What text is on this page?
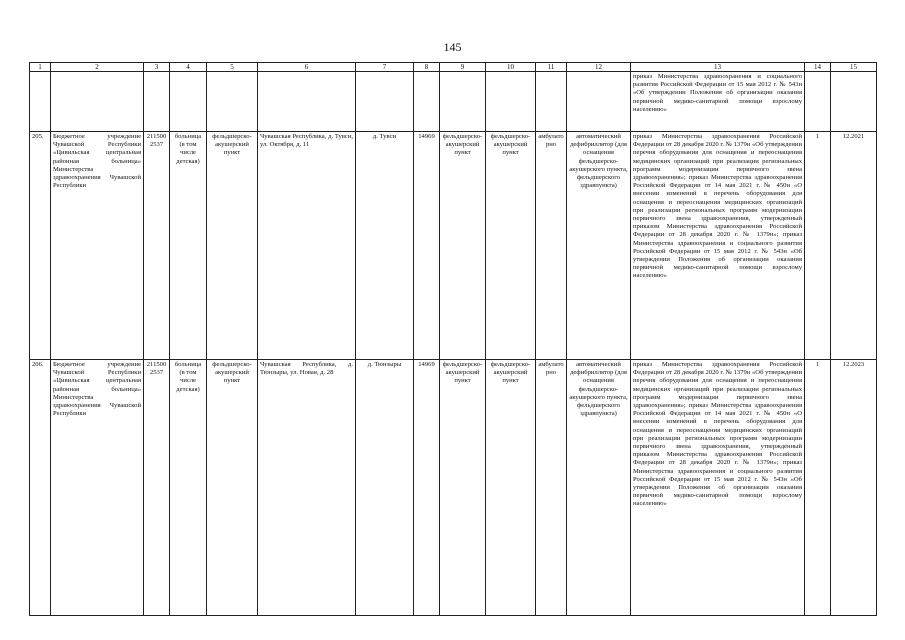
145
1	2	3	4	5	6	7	8	9	10	11	12	13	14	15
												приказ Министерства здравоохранения и социального развития Российской Федерации от 15 мая 2012 г. № 543н «Об утверждении Положения об организации оказания первичной медико-санитарной помощи взрослому населению»		
205.	Бюджетное учреждение Чувашской Республики «Цивильская центральная районная больница» Министерства здравоохранения Чувашской Республики	2115002537	больница (в том числе детская)	фельдшерско-акушерский пункт	Чувашская Республика, д. Тувси, ул. Октября, д. 11	д. Тувси	14969	фельдшерско-акушерский пункт	фельдшерско-акушерский пункт	амбулаторно	автоматический дефибриллятор (для оснащения фельдшерско-акушерского пункта, фельдшерского здравпункта)	приказ Министерства здравоохранения Российской Федерации от 28 декабря 2020 г. № 1379н «Об утверждении перечня оборудования для оснащения и переоснащения медицинских организаций при реализации региональных программ модернизации первичного звена здравоохранения»; приказ Министерства здравоохранения Российской Федерации от 14 мая 2021 г. № 450н «О внесении изменений в перечень оборудования для оснащения и переоснащения медицинских организаций при реализации региональных программ модернизации первичного звена здравоохранения, утвержденный приказом Министерства здравоохранения Российской Федерации от 28 декабря 2020 г. № 1379н»; приказ Министерства здравоохранения и социального развития Российской Федерации от 15 мая 2012 г. № 543н «Об утверждении Положения об организации оказания первичной медико-санитарной помощи взрослому населению»	1	12.2021
206.	Бюджетное учреждение Чувашской Республики «Цивильская центральная районная больница» Министерства здравоохранения Чувашской Республики	2115002537	больница (в том числе детская)	фельдшерско-акушерский пункт	Чувашская Республика, д. Тюнзыры, ул. Новая, д. 28	д. Тюнзыры	14969	фельдшерско-акушерский пункт	фельдшерско-акушерский пункт	амбулаторно	автоматический дефибриллятор (для оснащения фельдшерско-акушерского пункта, фельдшерского здравпункта)	приказ Министерства здравоохранения Российской Федерации от 28 декабря 2020 г. № 1379н «Об утверждении перечня оборудования для оснащения и переоснащения медицинских организаций при реализации региональных программ модернизации первичного звена здравоохранения»; приказ Министерства здравоохранения Российской Федерации от 14 мая 2021 г. № 450н «О внесении изменений в перечень оборудования для оснащения и переоснащения медицинских организаций при реализации региональных программ модернизации первичного звена здравоохранения, утвержденный приказом Министерства здравоохранения Российской Федерации от 28 декабря 2020 г. № 1379н»; приказ Министерства здравоохранения и социального развития Российской Федерации от 15 мая 2012 г. № 543н «Об утверждении Положения об организации оказания первичной медико-санитарной помощи взрослому населению»	1	12.2023
